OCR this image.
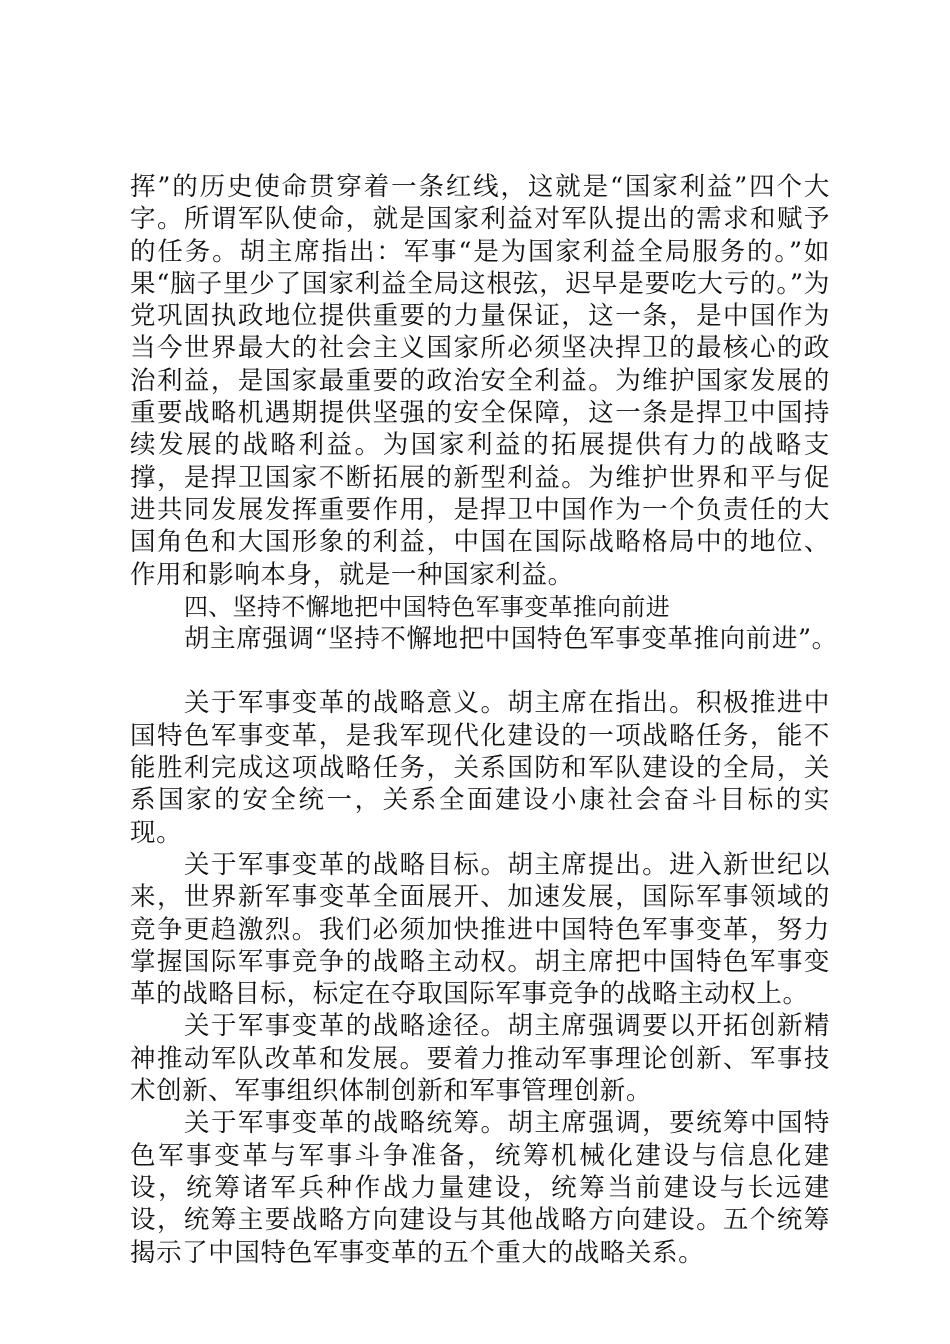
挥”的历史使命贯穿着一条红线，这就是“国家利益”四个大字。所谓军队使命，就是国家利益对军队提出的需求和赋予的任务。胡主席指出：军事“是为国家利益全局服务的。”如果“脑子里少了国家利益全局这根弦，迟早是要吃大亏的。”为党巩固执政地位提供重要的力量保证，这一条，是中国作为当今世界最大的社会主义国家所必须坚决捍卫的最核心的政治利益，是国家最重要的政治安全利益。为维护国家发展的重要战略机遇期提供坚强的安全保障，这一条是捍卫中国持续发展的战略利益。为国家利益的拓展提供有力的战略支撑，是捍卫国家不断拓展的新型利益。为维护世界和平与促进共同发展发挥重要作用，是捍卫中国作为一个负责任的大国角色和大国形象的利益，中国在国际战略格局中的地位、作用和影响本身，就是一种国家利益。

四、坚持不懈地把中国特色军事变革推向前进

胡主席强调“坚持不懈地把中国特色军事变革推向前进”。

关于军事变革的战略意义。胡主席在指出。积极推进中国特色军事变革，是我军现代化建设的一项战略任务，能不能胜利完成这项战略任务，关系国防和军队建设的全局，关系国家的安全统一，关系全面建设小康社会奋斗目标的实现。

关于军事变革的战略目标。胡主席提出。进入新世纪以来，世界新军事变革全面展开、加速发展，国际军事领域的竞争更趋激烈。我们必须加快推进中国特色军事变革，努力掌握国际军事竞争的战略主动权。胡主席把中国特色军事变革的战略目标，标定在夺取国际军事竞争的战略主动权上。

关于军事变革的战略途径。胡主席强调要以开拓创新精神推动军队改革和发展。要着力推动军事理论创新、军事技术创新、军事组织体制创新和军事管理创新。

关于军事变革的战略统筹。胡主席强调，要统筹中国特色军事变革与军事斗争准备，统筹机械化建设与信息化建设，统筹诸军兵种作战力量建设，统筹当前建设与长远建设，统筹主要战略方向建设与其他战略方向建设。五个统筹揭示了中国特色军事变革的五个重大的战略关系。
